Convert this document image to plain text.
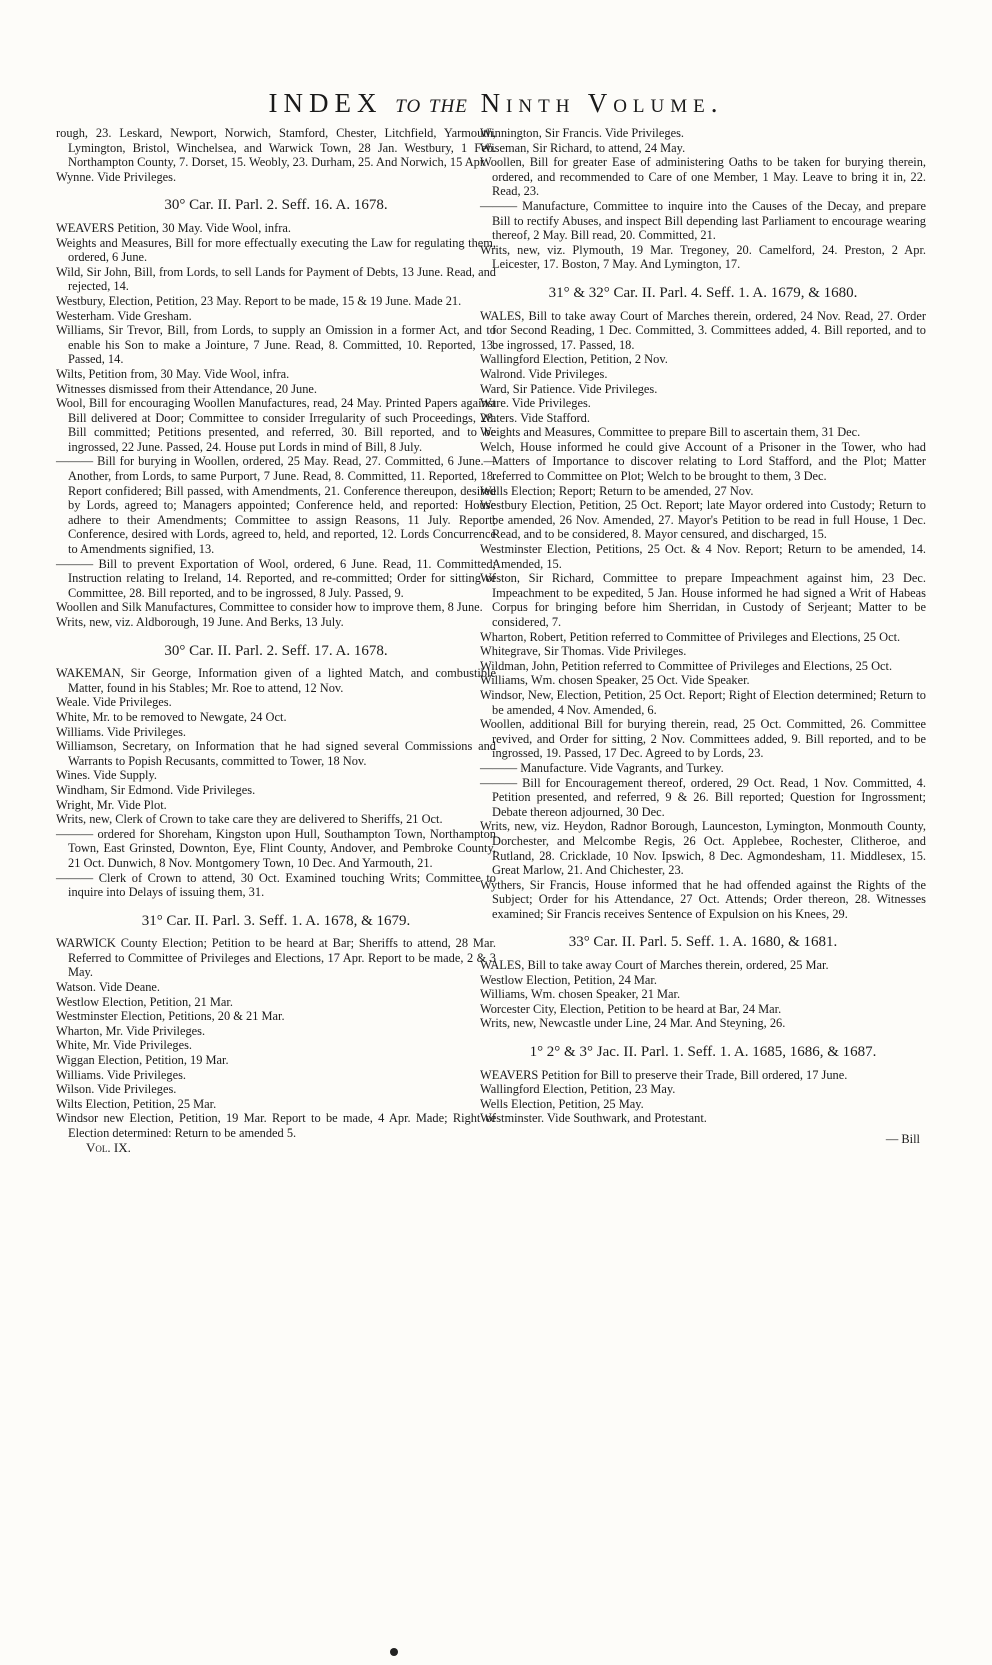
INDEX to the Ninth Volume.

rough, 23. Leskard, Newport, Norwich, Stamford, Chester, Litchfield, Yarmouth, Lymington, Bristol, Winchelsea, and Warwick Town, 28 Jan. Westbury, 1 Feb. Northampton County, 7. Dorset, 15. Weobly, 23. Durham, 25. And Norwich, 15 Apr.

Wynne. Vide Privileges.

30° Car. II. Parl. 2. Seff. 16. A. 1678.

WEAVERS Petition, 30 May. Vide Wool, infra.

Weights and Measures, Bill for more effectually executing the Law for regulating them, ordered, 6 June.

Wild, Sir John, Bill, from Lords, to sell Lands for Payment of Debts, 13 June. Read, and rejected, 14.

Westbury, Election, Petition, 23 May. Report to be made, 15 & 19 June. Made 21.

Westerham. Vide Gresham.

Williams, Sir Trevor, Bill, from Lords, to supply an Omission in a former Act, and to enable his Son to make a Jointure, 7 June. Read, 8. Committed, 10. Reported, 13. Passed, 14.

Wilts, Petition from, 30 May. Vide Wool, infra.

Witnesses dismissed from their Attendance, 20 June.

Wool, Bill for encouraging Woollen Manufactures, read, 24 May. Printed Papers against Bill delivered at Door; Committee to consider Irregularity of such Proceedings, 28. Bill committed; Petitions presented, and referred, 30. Bill reported, and to be ingrossed, 22 June. Passed, 24. House put Lords in mind of Bill, 8 July.

——— Bill for burying in Woollen, ordered, 25 May. Read, 27. Committed, 6 June.—Another, from Lords, to same Purport, 7 June. Read, 8. Committed, 11. Reported, 18. Report confidered; Bill passed, with Amendments, 21. Conference thereupon, desired by Lords, agreed to; Managers appointed; Conference held, and reported: House adhere to their Amendments; Committee to assign Reasons, 11 July. Report; Conference, desired with Lords, agreed to, held, and reported, 12. Lords Concurrence to Amendments signified, 13.

——— Bill to prevent Exportation of Wool, ordered, 6 June. Read, 11. Committed; Instruction relating to Ireland, 14. Reported, and re-committed; Order for sitting of Committee, 28. Bill reported, and to be ingrossed, 8 July. Passed, 9.

Woollen and Silk Manufactures, Committee to consider how to improve them, 8 June.

Writs, new, viz. Aldborough, 19 June. And Berks, 13 July.

30° Car. II. Parl. 2. Seff. 17. A. 1678.

WAKEMAN, Sir George, Information given of a lighted Match, and combustible Matter, found in his Stables; Mr. Roe to attend, 12 Nov.

Weale. Vide Privileges.

White, Mr. to be removed to Newgate, 24 Oct.

Williams. Vide Privileges.

Williamson, Secretary, on Information that he had signed several Commissions and Warrants to Popish Recusants, committed to Tower, 18 Nov.

Wines. Vide Supply.

Windham, Sir Edmond. Vide Privileges.

Wright, Mr. Vide Plot.

Writs, new, Clerk of Crown to take care they are delivered to Sheriffs, 21 Oct.

——— ordered for Shoreham, Kingston upon Hull, Southampton Town, Northampton Town, East Grinsted, Downton, Eye, Flint County, Andover, and Pembroke County, 21 Oct. Dunwich, 8 Nov. Montgomery Town, 10 Dec. And Yarmouth, 21.

——— Clerk of Crown to attend, 30 Oct. Examined touching Writs; Committee to inquire into Delays of issuing them, 31.

31° Car. II. Parl. 3. Seff. 1. A. 1678, & 1679.

WARWICK County Election; Petition to be heard at Bar; Sheriffs to attend, 28 Mar. Referred to Committee of Privileges and Elections, 17 Apr. Report to be made, 2 & 3 May.

Watson. Vide Deane.

Westlow Election, Petition, 21 Mar.

Westminster Election, Petitions, 20 & 21 Mar.

Wharton, Mr. Vide Privileges.

White, Mr. Vide Privileges.

Wiggan Election, Petition, 19 Mar.

Williams. Vide Privileges.

Wilson. Vide Privileges.

Wilts Election, Petition, 25 Mar.

Windsor new Election, Petition, 19 Mar. Report to be made, 4 Apr. Made; Right of Election determined: Return to be amended 5.

Vol. IX.

Winnington, Sir Francis. Vide Privileges.

Wiseman, Sir Richard, to attend, 24 May.

Woollen, Bill for greater Ease of administering Oaths to be taken for burying therein, ordered, and recommended to Care of one Member, 1 May. Leave to bring it in, 22. Read, 23.

——— Manufacture, Committee to inquire into the Causes of the Decay, and prepare Bill to rectify Abuses, and inspect Bill depending last Parliament to encourage wearing thereof, 2 May. Bill read, 20. Committed, 21.

Writs, new, viz. Plymouth, 19 Mar. Tregoney, 20. Camelford, 24. Preston, 2 Apr. Leicester, 17. Boston, 7 May. And Lymington, 17.

31° & 32° Car. II. Parl. 4. Seff. 1. A. 1679, & 1680.

WALES, Bill to take away Court of Marches therein, ordered, 24 Nov. Read, 27. Order for Second Reading, 1 Dec. Committed, 3. Committees added, 4. Bill reported, and to be ingrossed, 17. Passed, 18.

Wallingford Election, Petition, 2 Nov.

Walrond. Vide Privileges.

Ward, Sir Patience. Vide Privileges.

Ware. Vide Privileges.

Waters. Vide Stafford.

Weights and Measures, Committee to prepare Bill to ascertain them, 31 Dec.

Welch, House informed he could give Account of a Prisoner in the Tower, who had Matters of Importance to discover relating to Lord Stafford, and the Plot; Matter referred to Committee on Plot; Welch to be brought to them, 3 Dec.

Wells Election; Report; Return to be amended, 27 Nov.

Westbury Election, Petition, 25 Oct. Report; late Mayor ordered into Custody; Return to be amended, 26 Nov. Amended, 27. Mayor's Petition to be read in full House, 1 Dec. Read, and to be considered, 8. Mayor censured, and discharged, 15.

Westminster Election, Petitions, 25 Oct. & 4 Nov. Report; Return to be amended, 14. Amended, 15.

Weston, Sir Richard, Committee to prepare Impeachment against him, 23 Dec. Impeachment to be expedited, 5 Jan. House informed he had signed a Writ of Habeas Corpus for bringing before him Sherridan, in Custody of Serjeant; Matter to be considered, 7.

Wharton, Robert, Petition referred to Committee of Privileges and Elections, 25 Oct.

Whitegrave, Sir Thomas. Vide Privileges.

Wildman, John, Petition referred to Committee of Privileges and Elections, 25 Oct.

Williams, Wm. chosen Speaker, 25 Oct. Vide Speaker.

Windsor, New, Election, Petition, 25 Oct. Report; Right of Election determined; Return to be amended, 4 Nov. Amended, 6.

Woollen, additional Bill for burying therein, read, 25 Oct. Committed, 26. Committee revived, and Order for sitting, 2 Nov. Committees added, 9. Bill reported, and to be ingrossed, 19. Passed, 17 Dec. Agreed to by Lords, 23.

——— Manufacture. Vide Vagrants, and Turkey.

——— Bill for Encouragement thereof, ordered, 29 Oct. Read, 1 Nov. Committed, 4. Petition presented, and referred, 9 & 26. Bill reported; Question for Ingrossment; Debate thereon adjourned, 30 Dec.

Writs, new, viz. Heydon, Radnor Borough, Launceston, Lymington, Monmouth County, Dorchester, and Melcombe Regis, 26 Oct. Applebee, Rochester, Clitheroe, and Rutland, 28. Cricklade, 10 Nov. Ipswich, 8 Dec. Agmondesham, 11. Middlesex, 15. Great Marlow, 21. And Chichester, 23.

Wythers, Sir Francis, House informed that he had offended against the Rights of the Subject; Order for his Attendance, 27 Oct. Attends; Order thereon, 28. Witnesses examined; Sir Francis receives Sentence of Expulsion on his Knees, 29.

33° Car. II. Parl. 5. Seff. 1. A. 1680, & 1681.

WALES, Bill to take away Court of Marches therein, ordered, 25 Mar.

Westlow Election, Petition, 24 Mar.

Williams, Wm. chosen Speaker, 21 Mar.

Worcester City, Election, Petition to be heard at Bar, 24 Mar.

Writs, new, Newcastle under Line, 24 Mar. And Steyning, 26.

1° 2° & 3° Jac. II. Parl. 1. Seff. 1. A. 1685, 1686, & 1687.

WEAVERS Petition for Bill to preserve their Trade, Bill ordered, 17 June.

Wallingford Election, Petition, 23 May.

Wells Election, Petition, 25 May.

Westminster. Vide Southwark, and Protestant.

— Bill
